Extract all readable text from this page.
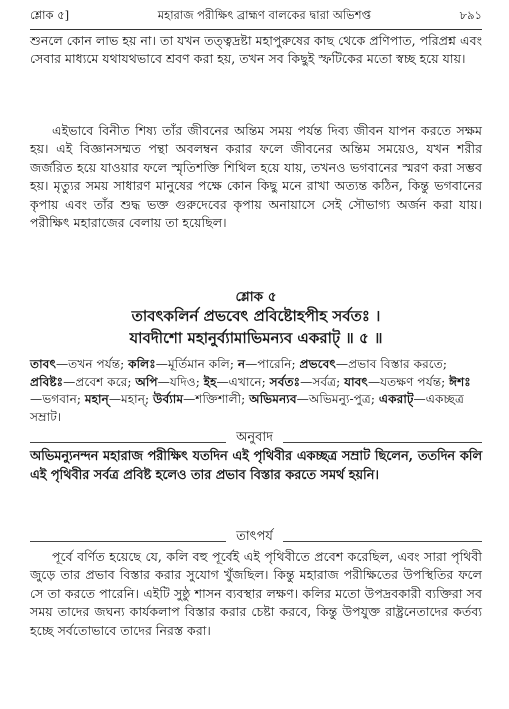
শ্লোক ৫]	মহারাজ পরীক্ষিৎ ব্রাহ্মণ বালকের দ্বারা অভিশপ্ত	৮৯১

শুনলে কোন লাভ হয় না। তা যখন তত্ত্বদ্রষ্টা মহাপুরুষের কাছ থেকে প্রণিপাত, পরিপ্রশ্ন এবং সেবার মাধ্যমে যথাযথভাবে শ্রবণ করা হয়, তখন সব কিছুই স্ফটিকের মতো স্বচ্ছ হয়ে যায়।

এইভাবে বিনীত শিষ্য তাঁর জীবনের অন্তিম সময় পর্যন্ত দিব্য জীবন যাপন করতে সক্ষম হয়। এই বিজ্ঞানসম্মত পন্থা অবলম্বন করার ফলে জীবনের অন্তিম সময়েও, যখন শরীর জর্জরিত হয়ে যাওয়ার ফলে স্মৃতিশক্তি শিথিল হয়ে যায়, তখনও ভগবানের স্মরণ করা সম্ভব হয়। মৃত্যুর সময় সাধারণ মানুষের পক্ষে কোন কিছু মনে রাখা অত্যন্ত কঠিন, কিন্তু ভগবানের কৃপায় এবং তাঁর শুদ্ধ ভক্ত গুরুদেবের কৃপায় অনায়াসে সেই সৌভাগ্য অর্জন করা যায়। পরীক্ষিৎ মহারাজের বেলায় তা হয়েছিল।

শ্লোক ৫

তাবৎকলির্ন প্রভবেৎ প্রবিষ্টোহপীহ সর্বতঃ ।

যাবদীশো মহানুর্ব্যামাভিমন্যব একরাট্ ॥ ৫ ॥

তাবৎ—তখন পর্যন্ত; কলিঃ—মূর্তিমান কলি; ন—পারেনি; প্রভবেৎ—প্রভাব বিস্তার করতে; প্রবিষ্টঃ—প্রবেশ করে; অপি—যদিও; ইহ—এখানে; সর্বতঃ—সর্বত্র; যাবৎ—যতক্ষণ পর্যন্ত; ঈশঃ—ভগবান; মহান্—মহান্; উর্ব্যাম—শক্তিশালী; অভিমন্যব—অভিমন্যু-পুত্র; একরাট্—একচ্ছত্র সম্রাট।

অনুবাদ

অভিমন্যুনন্দন মহারাজ পরীক্ষিৎ যতদিন এই পৃথিবীর একচ্ছত্র সম্রাট ছিলেন, ততদিন কলি এই পৃথিবীর সর্বত্র প্রবিষ্ট হলেও তার প্রভাব বিস্তার করতে সমর্থ হয়নি।

তাৎপর্য

পূর্বে বর্ণিত হয়েছে যে, কলি বহু পূর্বেই এই পৃথিবীতে প্রবেশ করেছিল, এবং সারা পৃথিবী জুড়ে তার প্রভাব বিস্তার করার সুযোগ খুঁজছিল। কিন্তু মহারাজ পরীক্ষিতের উপস্থিতির ফলে সে তা করতে পারেনি। এইটি সুষ্ঠু শাসন ব্যবস্থার লক্ষণ। কলির মতো উপদ্রবকারী ব্যক্তিরা সব সময় তাদের জঘন্য কার্যকলাপ বিস্তার করার চেষ্টা করবে, কিন্তু উপযুক্ত রাষ্ট্রনেতাদের কর্তব্য হচ্ছে সর্বতোভাবে তাদের নিরস্ত করা।
